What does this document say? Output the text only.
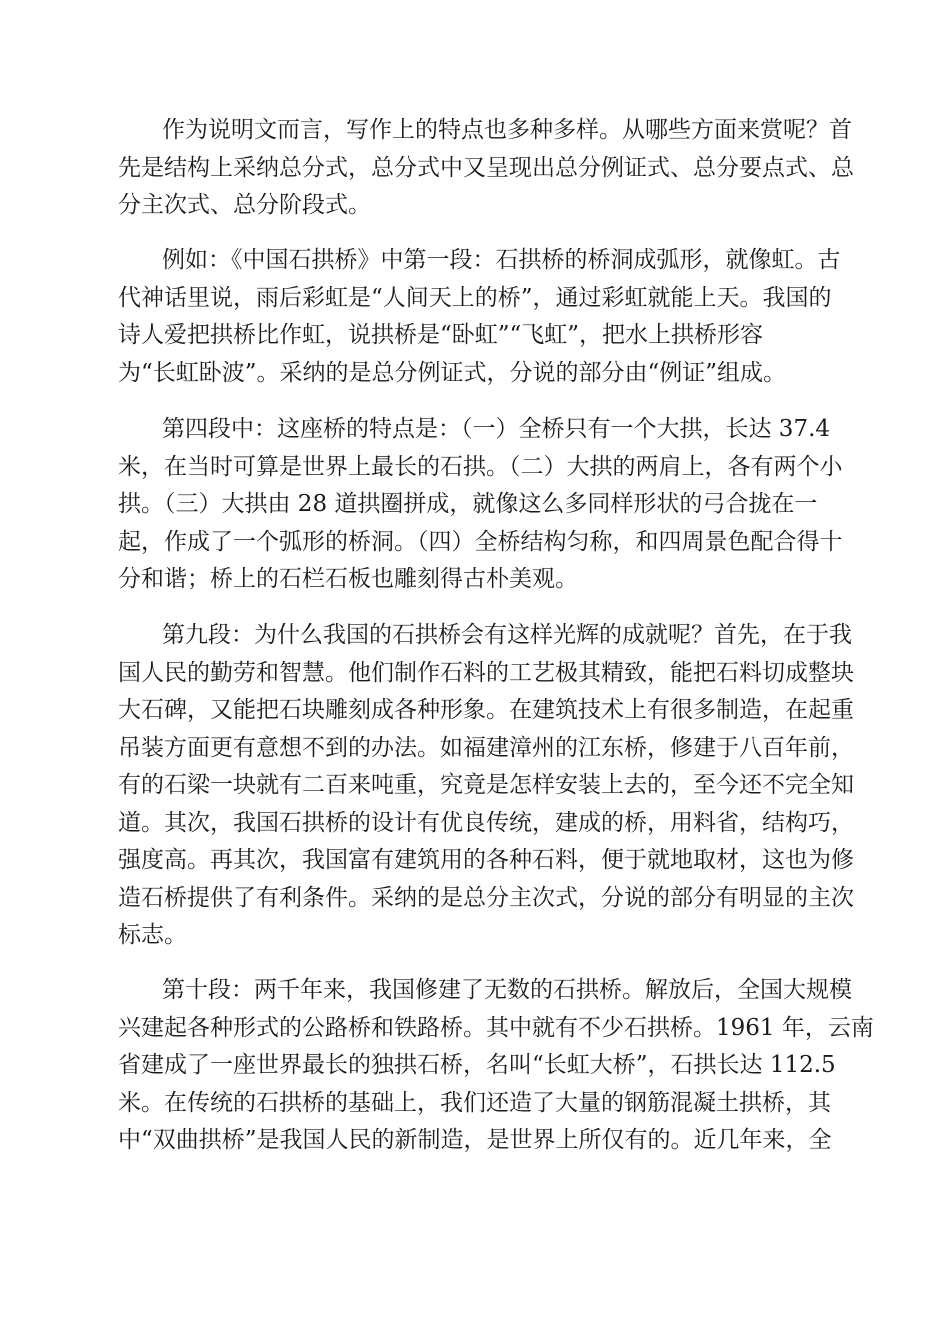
作为说明文而言，写作上的特点也多种多样。从哪些方面来赏呢？首
先是结构上采纳总分式，总分式中又呈现出总分例证式、总分要点式、总
分主次式、总分阶段式。
例如：《中国石拱桥》中第一段：石拱桥的桥洞成弧形，就像虹。古
代神话里说，雨后彩虹是“人间天上的桥”，通过彩虹就能上天。我国的
诗人爱把拱桥比作虹，说拱桥是“卧虹”“飞虹”，把水上拱桥形容
为“长虹卧波”。采纳的是总分例证式，分说的部分由“例证”组成。
第四段中：这座桥的特点是：（一）全桥只有一个大拱，长达 37.4
米，在当时可算是世界上最长的石拱。（二）大拱的两肩上，各有两个小
拱。（三）大拱由 28 道拱圈拼成，就像这么多同样形状的弓合拢在一
起，作成了一个弧形的桥洞。（四）全桥结构匀称，和四周景色配合得十
分和谐；桥上的石栏石板也雕刻得古朴美观。
第九段：为什么我国的石拱桥会有这样光辉的成就呢？首先，在于我
国人民的勤劳和智慧。他们制作石料的工艺极其精致，能把石料切成整块
大石碑，又能把石块雕刻成各种形象。在建筑技术上有很多制造，在起重
吊装方面更有意想不到的办法。如福建漳州的江东桥，修建于八百年前，
有的石梁一块就有二百来吨重，究竟是怎样安装上去的，至今还不完全知
道。其次，我国石拱桥的设计有优良传统，建成的桥，用料省，结构巧，
强度高。再其次，我国富有建筑用的各种石料，便于就地取材，这也为修
造石桥提供了有利条件。采纳的是总分主次式，分说的部分有明显的主次
标志。
第十段：两千年来，我国修建了无数的石拱桥。解放后，全国大规模
兴建起各种形式的公路桥和铁路桥。其中就有不少石拱桥。1961 年，云南
省建成了一座世界最长的独拱石桥，名叫“长虹大桥”，石拱长达 112.5
米。在传统的石拱桥的基础上，我们还造了大量的钢筋混凝土拱桥，其
中“双曲拱桥”是我国人民的新制造，是世界上所仅有的。近几年来，全
